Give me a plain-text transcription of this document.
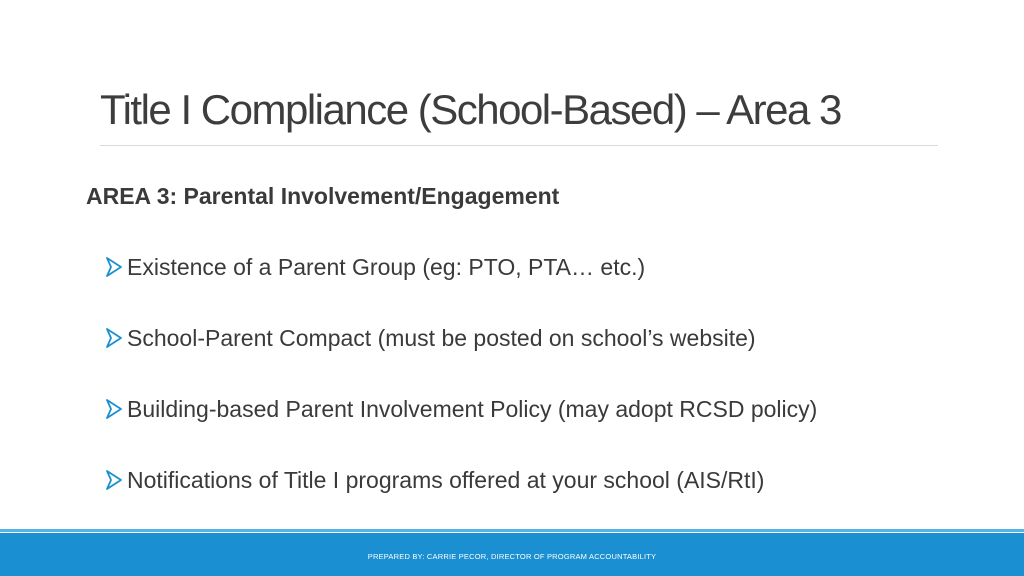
Title I Compliance (School-Based) – Area 3
AREA 3: Parental Involvement/Engagement
Existence of a Parent Group (eg: PTO, PTA… etc.)
School-Parent Compact (must be posted on school’s website)
Building-based Parent Involvement Policy (may adopt RCSD policy)
Notifications of Title I programs offered at your school (AIS/RtI)
PREPARED BY: CARRIE PECOR, DIRECTOR OF PROGRAM ACCOUNTABILITY
